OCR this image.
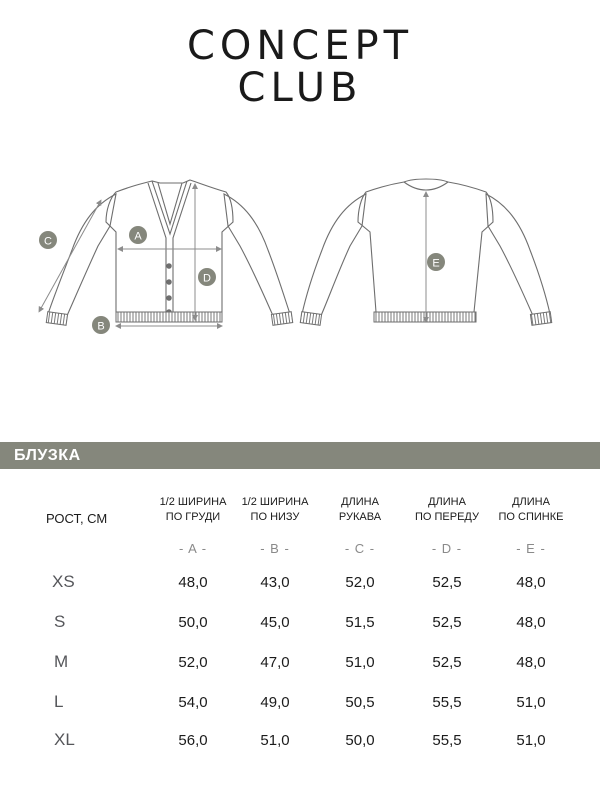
CONCEPT
CLUB
A
B
C
D
E
БЛУЗКА
РОСТ, СМ
1/2 ШИРИНА
ПО ГРУДИ
1/2 ШИРИНА
ПО НИЗУ
ДЛИНА
РУКАВА
ДЛИНА
ПО ПЕРЕДУ
ДЛИНА
ПО СПИНКЕ
- A -	- B -	- C -	- D -	- E -
XS	48,0	43,0	52,0	52,5	48,0
S	50,0	45,0	51,5	52,5	48,0
M	52,0	47,0	51,0	52,5	48,0
L	54,0	49,0	50,5	55,5	51,0
XL	56,0	51,0	50,0	55,5	51,0
